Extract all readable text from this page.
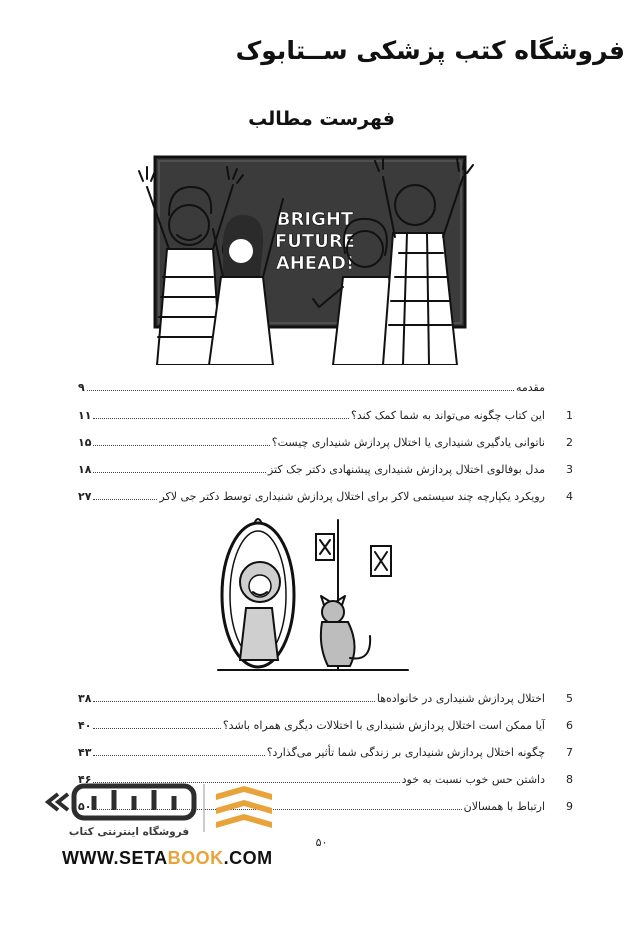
فروشگاه کتب پزشکی ســتابوک
فهرست مطالب
BRIGHT
FUTURE
AHEAD!
مقدمه
۹
1
این کتاب چگونه می‌تواند به شما کمک کند؟
۱۱
2
ناتوانی یادگیری شنیداری یا اختلال پردازش شنیداری چیست؟
۱۵
3
مدل بوفالوی اختلال پردازش شنیداری پیشنهادی دکتر جک کتز
۱۸
4
رویکرد یکپارچه چند سیستمی لاکر برای اختلال پردازش شنیداری توسط دکتر جی لاکر
۲۷
5
اختلال پردازش شنیداری در خانواده‌ها
۳۸
6
آیا ممکن است اختلال پردازش شنیداری با اختلالات دیگری همراه باشد؟
۴۰
7
چگونه اختلال پردازش شنیداری بر زندگی شما تأثیر می‌گذارد؟
۴۳
8
داشتن حس خوب نسبت به خود
۴۶
9
ارتباط با همسالان
۵۰
۵۰
فروشگاه اینترنتی کتاب
WWW.SETABOOK.COM
